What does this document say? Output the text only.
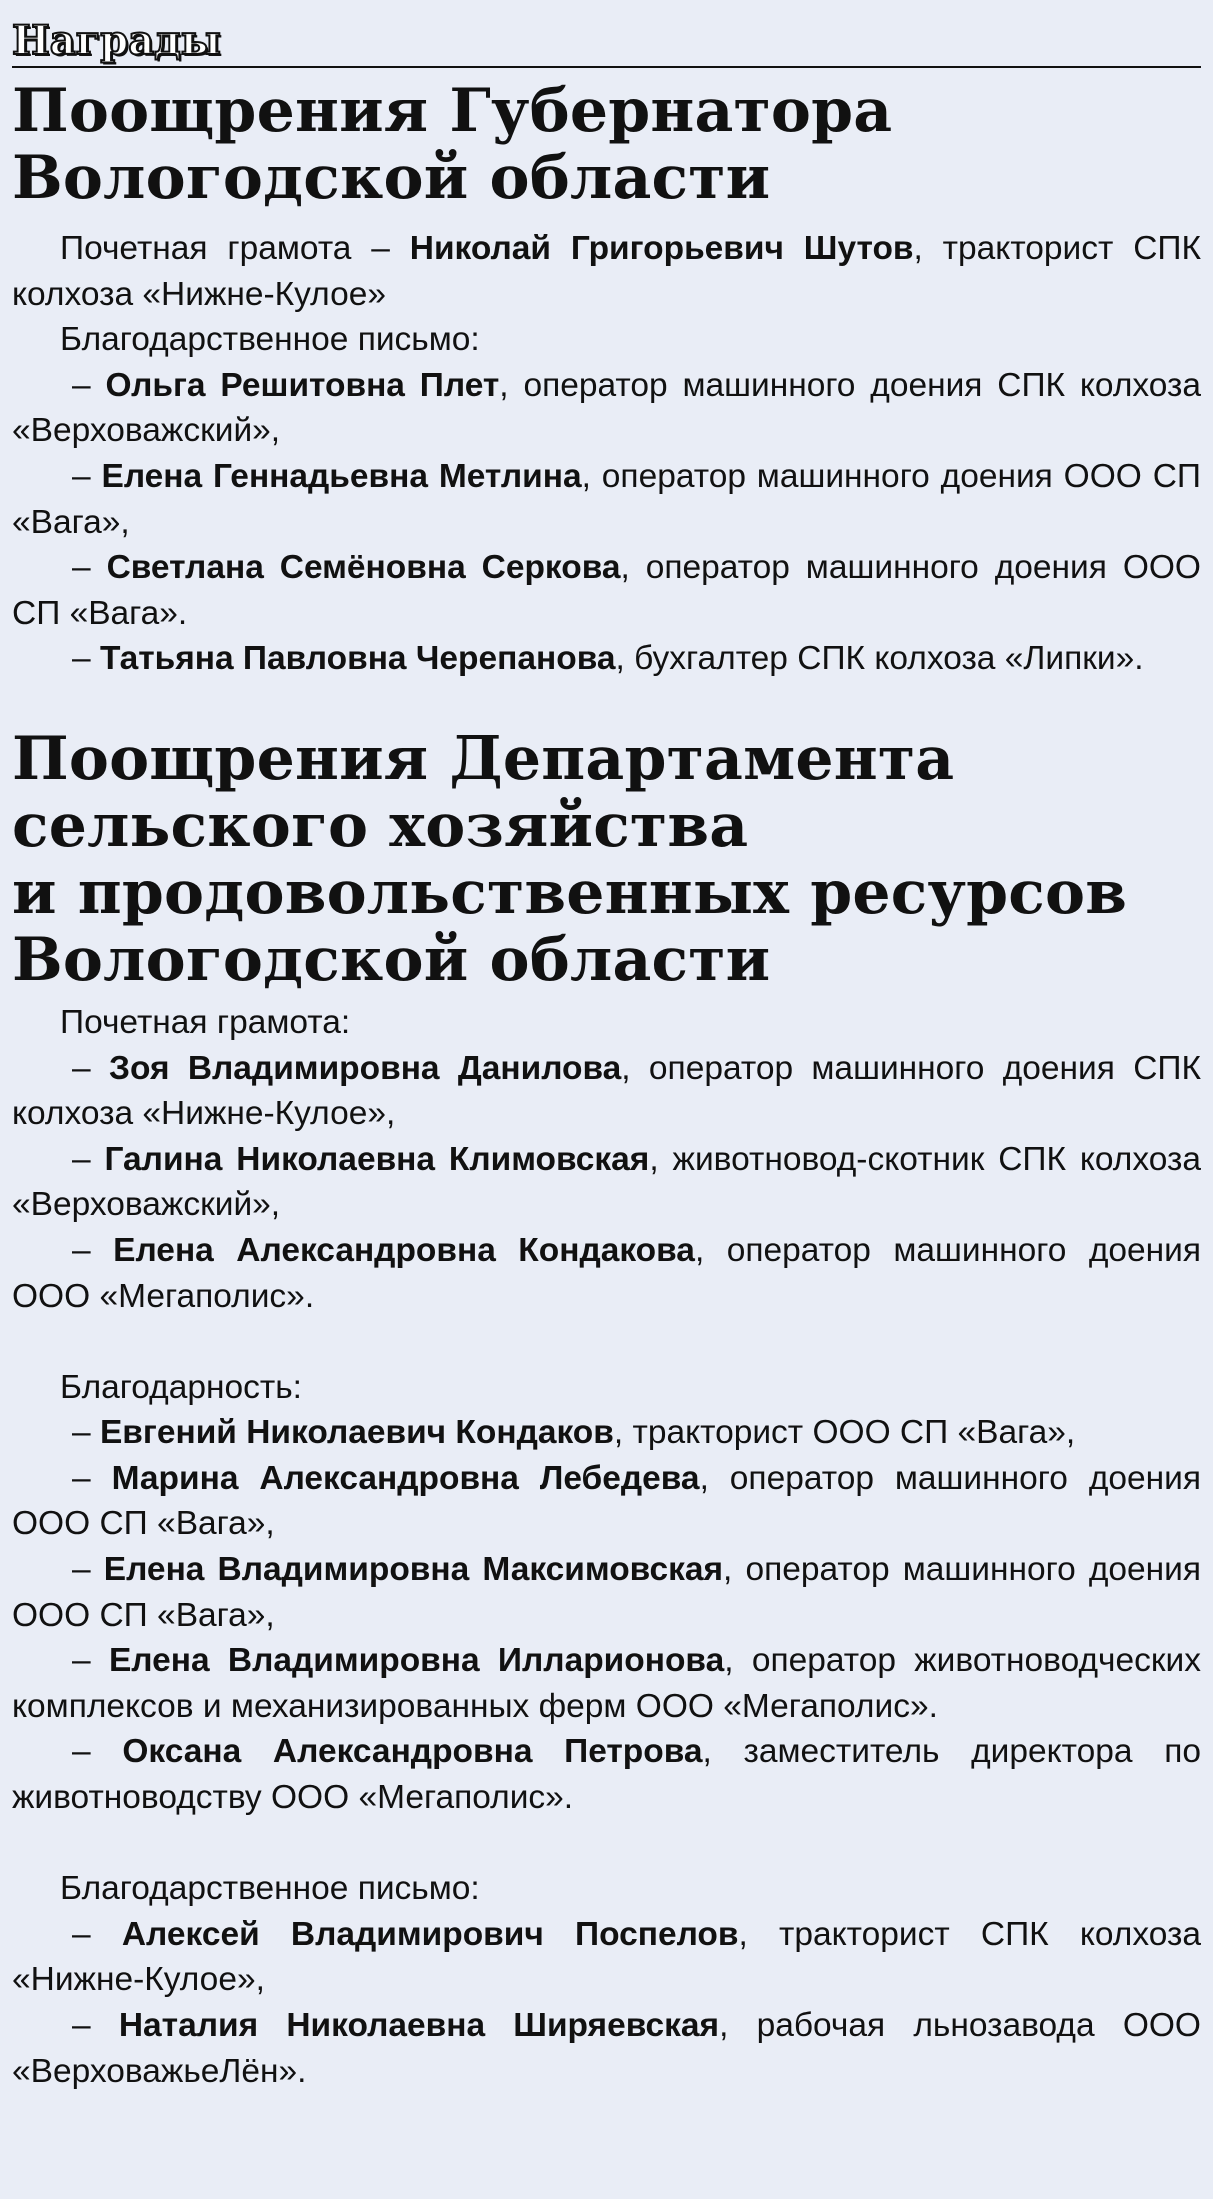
Награды
Поощрения Губернатора
Вологодской области

Почетная грамота – Николай Григорьевич Шутов, тракторист СПК колхоза «Нижне-Кулое»

Благодарственное письмо:

– Ольга Решитовна Плет, оператор машинного доения СПК колхоза «Верховажский»,

– Елена Геннадьевна Метлина, оператор машинного доения ООО СП «Вага»,

– Светлана Семёновна Серкова, оператор машинного доения ООО СП «Вага».

– Татьяна Павловна Черепанова, бухгалтер СПК колхоза «Липки».

Поощрения Департамента
сельского хозяйства
и продовольственных ресурсов
Вологодской области

Почетная грамота:

– Зоя Владимировна Данилова, оператор машинного доения СПК колхоза «Нижне-Кулое»,

– Галина Николаевна Климовская, животновод-скотник СПК колхоза «Верховажский»,

– Елена Александровна Кондакова, оператор машинного доения ООО «Мегаполис».

Благодарность:

– Евгений Николаевич Кондаков, тракторист ООО СП «Вага»,

– Марина Александровна Лебедева, оператор машинного доения ООО СП «Вага»,

– Елена Владимировна Максимовская, оператор машинного доения ООО СП «Вага»,

– Елена Владимировна Илларионова, оператор животноводческих комплексов и механизированных ферм ООО «Мегаполис».

– Оксана Александровна Петрова, заместитель директора по животноводству ООО «Мегаполис».

Благодарственное письмо:

– Алексей Владимирович Поспелов, тракторист СПК колхоза «Нижне-Кулое»,

– Наталия Николаевна Ширяевская, рабочая льнозавода ООО «ВерховажьеЛён».
